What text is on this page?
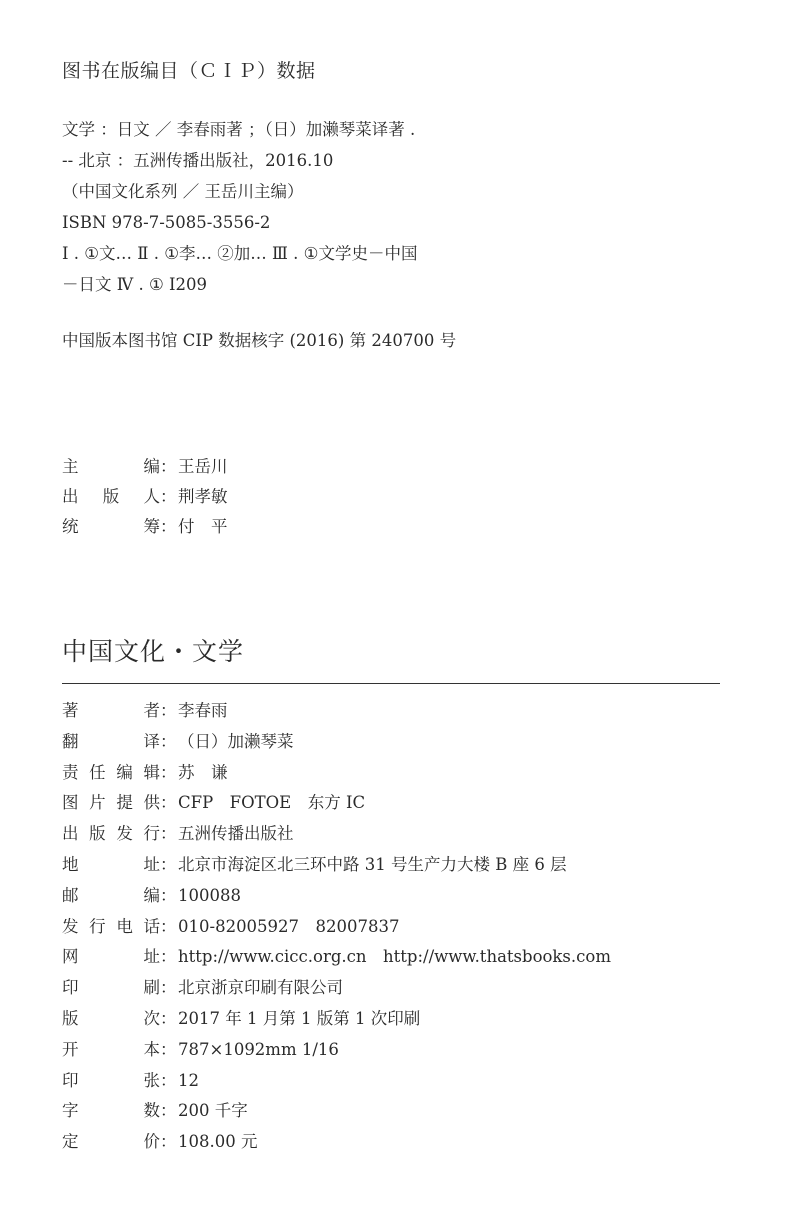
图书在版编目（ＣＩＰ）数据
文学 ：日文 ／ 李春雨著 ；（日）加濑琴菜译著 .
-- 北京 ：五洲传播出版社，2016.10
（中国文化系列 ／ 王岳川主编）
ISBN 978-7-5085-3556-2
Ⅰ . ①文… Ⅱ . ①李… ②加… Ⅲ . ①文学史－中国
－日文 Ⅳ . ① I209
中国版本图书馆 CIP 数据核字 (2016) 第 240700 号
主	编 ： 王岳川
出 版 人 ： 荆孝敏
统	筹 ： 付　平
中国文化・文学
著	者 ： 李春雨
翻	译 ： （日）加濑琴菜
责 任 编 辑 ： 苏　谦
图 片 提 供 ： CFP　FOTOE　东方 IC
出 版 发 行 ： 五洲传播出版社
地	址 ： 北京市海淀区北三环中路 31 号生产力大楼 B 座 6 层
邮	编 ： 100088
发 行 电 话 ： 010-82005927　82007837
网	址 ： http://www.cicc.org.cn　http://www.thatsbooks.com
印	刷 ： 北京浙京印刷有限公司
版	次 ： 2017 年 1 月第 1 版第 1 次印刷
开	本 ： 787×1092mm 1/16
印	张 ： 12
字	数 ： 200 千字
定	价 ： 108.00 元
